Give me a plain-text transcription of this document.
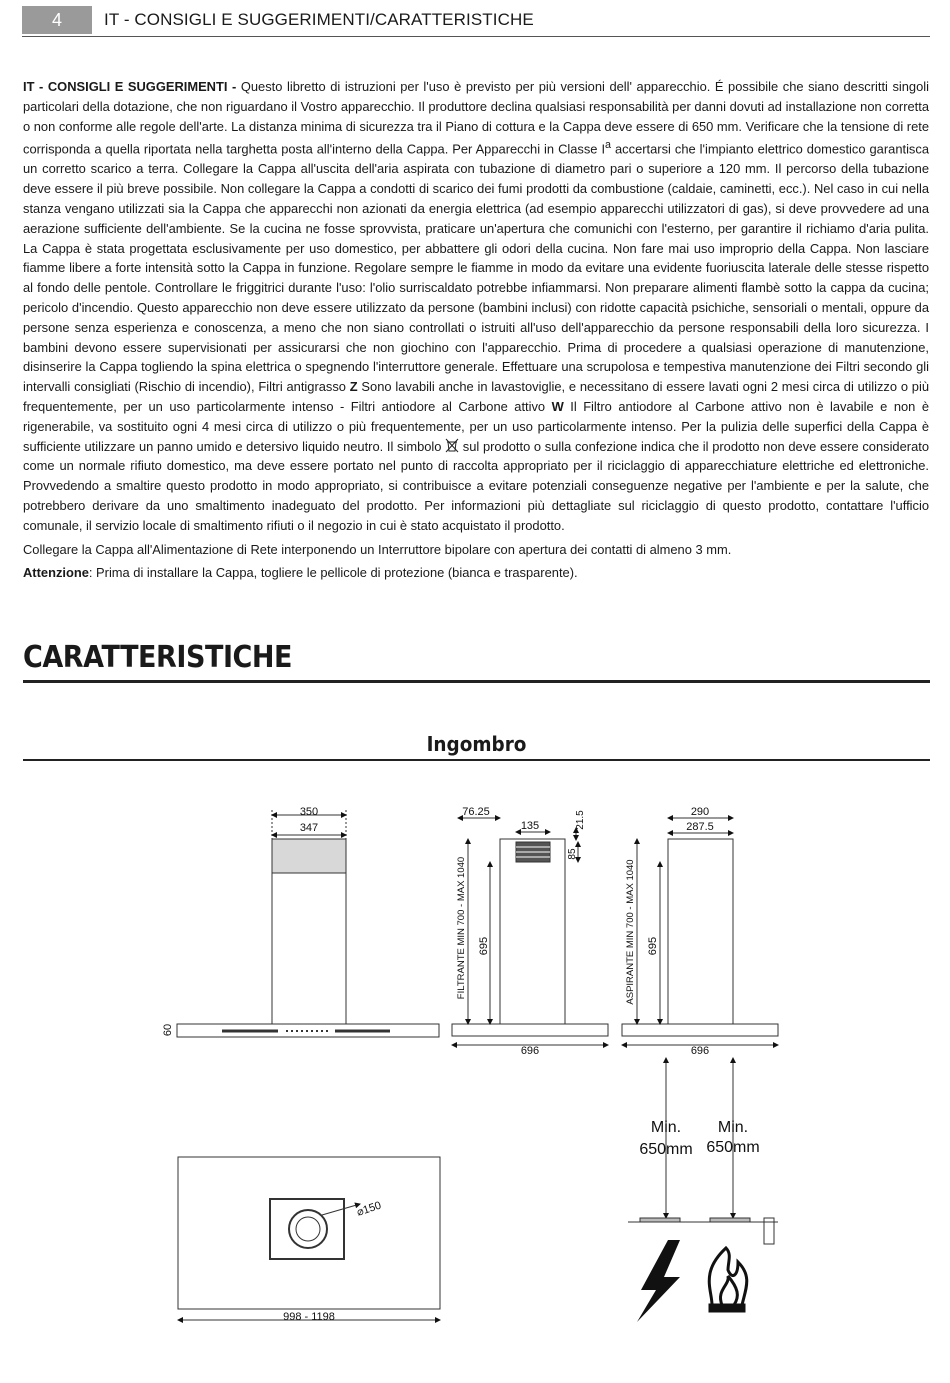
4	IT - CONSIGLI E SUGGERIMENTI/CARATTERISTICHE

IT - CONSIGLI E SUGGERIMENTI - Questo libretto di istruzioni per l'uso è previsto per più versioni dell' apparecchio. É possibile che siano descritti singoli particolari della dotazione, che non riguardano il Vostro apparecchio. Il produttore declina qualsiasi responsabilità per danni dovuti ad installazione non corretta o non conforme alle regole dell'arte. La distanza minima di sicurezza tra il Piano di cottura e la Cappa deve essere di 650 mm. Verificare che la tensione di rete corrisponda a quella riportata nella targhetta posta all'interno della Cappa. Per Apparecchi in Classe $I^a$ accertarsi che l'impianto elettrico domestico garantisca un corretto scarico a terra. Collegare la Cappa all'uscita dell'aria aspirata con tubazione di diametro pari o superiore a 120 mm. Il percorso della tubazione deve essere il più breve possibile. Non collegare la Cappa a condotti di scarico dei fumi prodotti da combustione (caldaie, caminetti, ecc.). Nel caso in cui nella stanza vengano utilizzati sia la Cappa che apparecchi non azionati da energia elettrica (ad esempio apparecchi utilizzatori di gas), si deve provvedere ad una aerazione sufficiente dell'ambiente. Se la cucina ne fosse sprovvista, praticare un'apertura che comunichi con l'esterno, per garantire il richiamo d'aria pulita. La Cappa è stata progettata esclusivamente per uso domestico, per abbattere gli odori della cucina. Non fare mai uso improprio della Cappa. Non lasciare fiamme libere a forte intensità sotto la Cappa in funzione. Regolare sempre le fiamme in modo da evitare una evidente fuoriuscita laterale delle stesse rispetto al fondo delle pentole. Controllare le friggitrici durante l'uso: l'olio surriscaldato potrebbe infiammarsi. Non preparare alimenti flambè sotto la cappa da cucina; pericolo d'incendio. Questo apparecchio non deve essere utilizzato da persone (bambini inclusi) con ridotte capacità psichiche, sensoriali o mentali, oppure da persone senza esperienza e conoscenza, a meno che non siano controllati o istruiti all'uso dell'apparecchio da persone responsabili della loro sicurezza. I bambini devono essere supervisionati per assicurarsi che non giochino con l'apparecchio. Prima di procedere a qualsiasi operazione di manutenzione, disinserire la Cappa togliendo la spina elettrica o spegnendo l'interruttore generale. Effettuare una scrupolosa e tempestiva manutenzione dei Filtri secondo gli intervalli consigliati (Rischio di incendio), Filtri antigrasso Z Sono lavabili anche in lavastoviglie, e necessitano di essere lavati ogni 2 mesi circa di utilizzo o più frequentemente, per un uso particolarmente intenso - Filtri antiodore al Carbone attivo W Il Filtro antiodore al Carbone attivo non è lavabile e non è rigenerabile, va sostituito ogni 4 mesi circa di utilizzo o più frequentemente, per un uso particolarmente intenso. Per la pulizia delle superfici della Cappa è sufficiente utilizzare un panno umido e detersivo liquido neutro. Il simbolo  sul prodotto o sulla confezione indica che il prodotto non deve essere considerato come un normale rifiuto domestico, ma deve essere portato nel punto di raccolta appropriato per il riciclaggio di apparecchiature elettriche ed elettroniche. Provvedendo a smaltire questo prodotto in modo appropriato, si contribuisce a evitare potenziali conseguenze negative per l'ambiente e per la salute, che potrebbero derivare da uno smaltimento inadeguato del prodotto. Per informazioni più dettagliate sul riciclaggio di questo prodotto, contattare l'ufficio comunale, il servizio locale di smaltimento rifiuti o il negozio in cui è stato acquistato il prodotto.

Collegare la Cappa all'Alimentazione di Rete interponendo un Interruttore bipolare con apertura dei contatti di almeno 3 mm.

Attenzione: Prima di installare la Cappa, togliere le pellicole di protezione (bianca e trasparente).

CARATTERISTICHE
Ingombro
350
347
60
76.25
135	21.5
85
FILTRANTE MIN 700 - MAX 1040 695
696
290
287.5
ASPIRANTE MIN 700 - MAX 1040 695
696
Min.
650mm
Min.
650mm
⌀150
998 - 1198
